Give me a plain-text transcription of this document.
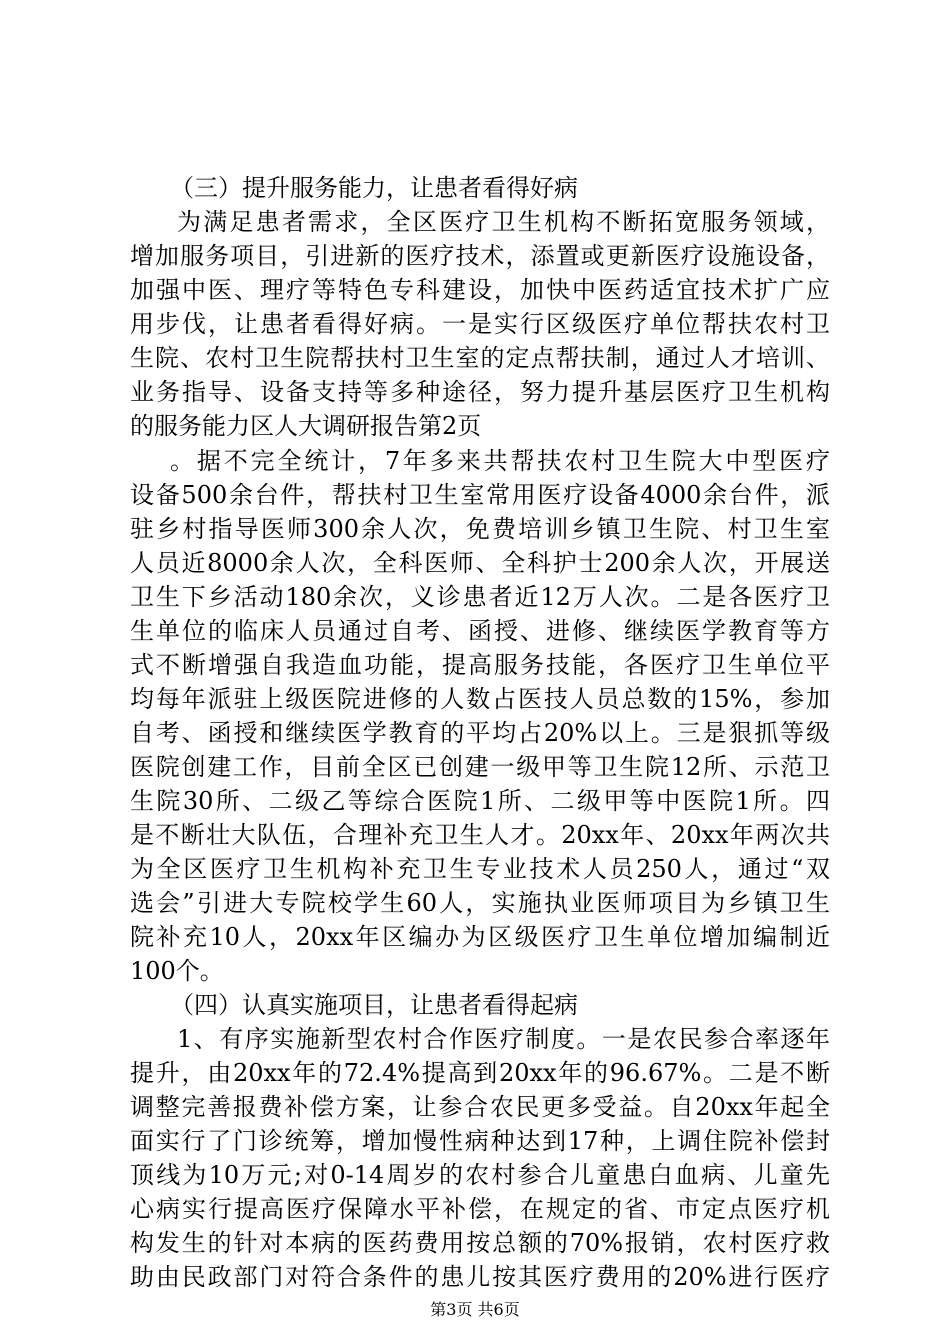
（三）提升服务能力，让患者看得好病
为满足患者需求，全区医疗卫生机构不断拓宽服务领域，
增加服务项目，引进新的医疗技术，添置或更新医疗设施设备，
加强中医、理疗等特色专科建设，加快中医药适宜技术扩广应
用步伐，让患者看得好病。一是实行区级医疗单位帮扶农村卫
生院、农村卫生院帮扶村卫生室的定点帮扶制，通过人才培训、
业务指导、设备支持等多种途径，努力提升基层医疗卫生机构
的服务能力区人大调研报告第2页
。据不完全统计，7年多来共帮扶农村卫生院大中型医疗
设备500余台件，帮扶村卫生室常用医疗设备4000余台件，派
驻乡村指导医师300余人次，免费培训乡镇卫生院、村卫生室
人员近8000余人次，全科医师、全科护士200余人次，开展送
卫生下乡活动180余次，义诊患者近12万人次。二是各医疗卫
生单位的临床人员通过自考、函授、进修、继续医学教育等方
式不断增强自我造血功能，提高服务技能，各医疗卫生单位平
均每年派驻上级医院进修的人数占医技人员总数的15%，参加
自考、函授和继续医学教育的平均占20%以上。三是狠抓等级
医院创建工作，目前全区已创建一级甲等卫生院12所、示范卫
生院30所、二级乙等综合医院1所、二级甲等中医院1所。四
是不断壮大队伍，合理补充卫生人才。20xx年、20xx年两次共
为全区医疗卫生机构补充卫生专业技术人员250人，通过“双
选会”引进大专院校学生60人，实施执业医师项目为乡镇卫生
院补充10人，20xx年区编办为区级医疗卫生单位增加编制近
100个。
（四）认真实施项目，让患者看得起病
1、有序实施新型农村合作医疗制度。一是农民参合率逐年
提升，由20xx年的72.4%提高到20xx年的96.67%。二是不断
调整完善报费补偿方案，让参合农民更多受益。自20xx年起全
面实行了门诊统筹，增加慢性病种达到17种，上调住院补偿封
顶线为10万元;对0-14周岁的农村参合儿童患白血病、儿童先
心病实行提高医疗保障水平补偿，在规定的省、市定点医疗机
构发生的针对本病的医药费用按总额的70%报销，农村医疗救
助由民政部门对符合条件的患儿按其医疗费用的20%进行医疗
第3页 共6页
